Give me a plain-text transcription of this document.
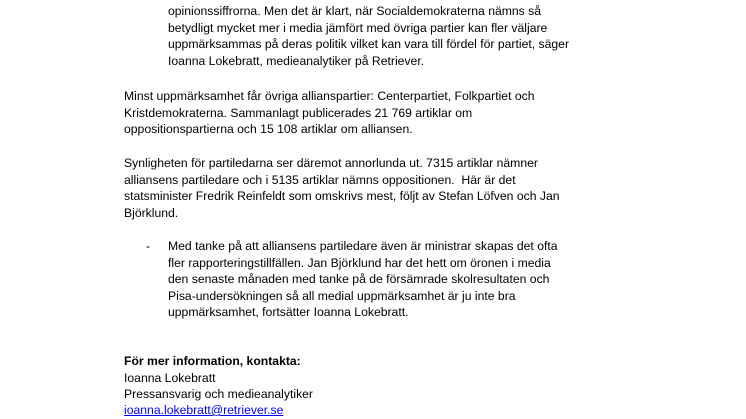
opinionssiffrorna. Men det är klart, när Socialdemokraterna nämns så
betydligt mycket mer i media jämfört med övriga partier kan fler väljare
uppmärksammas på deras politik vilket kan vara till fördel för partiet, säger
Ioanna Lokebratt, medieanalytiker på Retriever.
Minst uppmärksamhet får övriga allianspartier: Centerpartiet, Folkpartiet och
Kristdemokraterna. Sammanlagt publicerades 21 769 artiklar om
oppositionspartierna och 15 108 artiklar om alliansen.
Synligheten för partiledarna ser däremot annorlunda ut. 7315 artiklar nämner
alliansens partiledare och i 5135 artiklar nämns oppositionen.  Här är det
statsminister Fredrik Reinfeldt som omskrivs mest, följt av Stefan Löfven och Jan
Björklund.
- Med tanke på att alliansens partiledare även är ministrar skapas det ofta
fler rapporteringstillfällen. Jan Björklund har det hett om öronen i media
den senaste månaden med tanke på de försämrade skolresultaten och
Pisa-undersökningen så all medial uppmärksamhet är ju inte bra
uppmärksamhet, fortsätter Ioanna Lokebratt.
För mer information, kontakta:
Ioanna Lokebratt
Pressansvarig och medieanalytiker
ioanna.lokebratt@retriever.se
